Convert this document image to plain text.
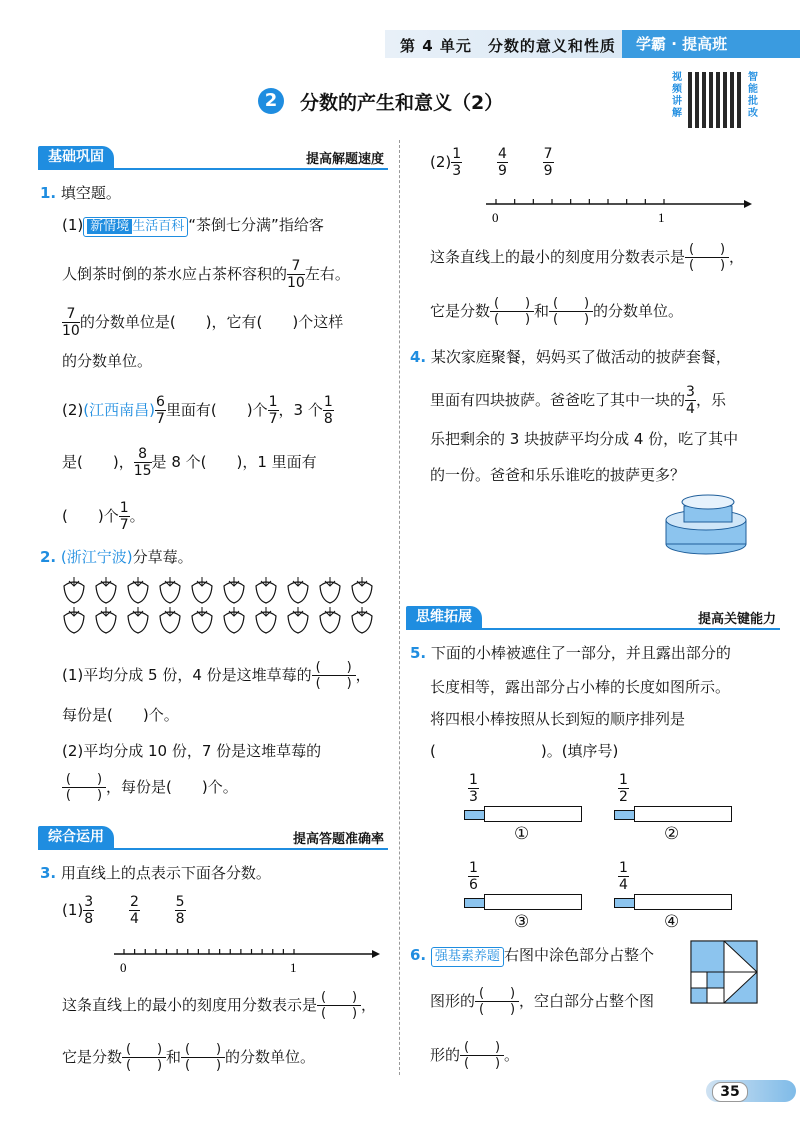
第 4 单元　分数的意义和性质	学霸 · 提高班
2	分数的产生和意义（2）
视频讲解
智能批改
基础巩固	提高解题速度
1. 填空题。
(1) 新情境 生活百科 “茶倒七分满”指给客
人倒茶时倒的茶水应占茶杯容积的 $\frac{7}{10}$ 左右。
$\frac{7}{10}$ 的分数单位是(　　)，它有(　　)个这样
的分数单位。
(2)(江西南昌) $\frac{6}{7}$ 里面有(　　)个 $\frac{1}{7}$ ，3 个 $\frac{1}{8}$
是(　　)， $\frac{8}{15}$ 是 8 个(　　)，1 里面有
(　　)个 $\frac{1}{7}$ 。
2. (浙江宁波)分草莓。
(1)平均分成 5 份，4 份是这堆草莓的 (　　)
(　　) ，
每份是(　　)个。
(2)平均分成 10 份，7 份是这堆草莓的
(　　)
(　　) ，每份是(　　)个。
综合运用	提高答题准确率
3. 用直线上的点表示下面各分数。
$(1) \frac{3}{8}$
$\frac{2}{4}$
$\frac{5}{8}$
0	1
这条直线上的最小的刻度用分数表示是 (　　)
(　　) ，
它是分数 (　　)
(　　) 和 (　　)
(　　) 的分数单位。
$(2) \frac{1}{3}$
$\frac{4}{9}$
$\frac{7}{9}$
0	1
这条直线上的最小的刻度用分数表示是 (　　)
(　　) ，
它是分数 (　　)
(　　) 和 (　　)
(　　) 的分数单位。
4. 某次家庭聚餐，妈妈买了做活动的披萨套餐，
里面有四块披萨。爸爸吃了其中一块的 $\frac{3}{4}$ ，乐
乐把剩余的 3 块披萨平均分成 4 份，吃了其中
的一份。爸爸和乐乐谁吃的披萨更多？
思维拓展	提高关键能力
5. 下面的小棒被遮住了一部分，并且露出部分的
长度相等，露出部分占小棒的长度如图所示。
将四根小棒按照从长到短的顺序排列是
(　　　　　　　)。(填序号)
$\frac{1}{3}$
①
$\frac{1}{2}$
②
$\frac{1}{6}$
③
$\frac{1}{4}$
④
6. 强基素养题 右图中涂色部分占整个
图形的 (　　)
(　　) ，空白部分占整个图
形的 (　　)
(　　) 。
35
